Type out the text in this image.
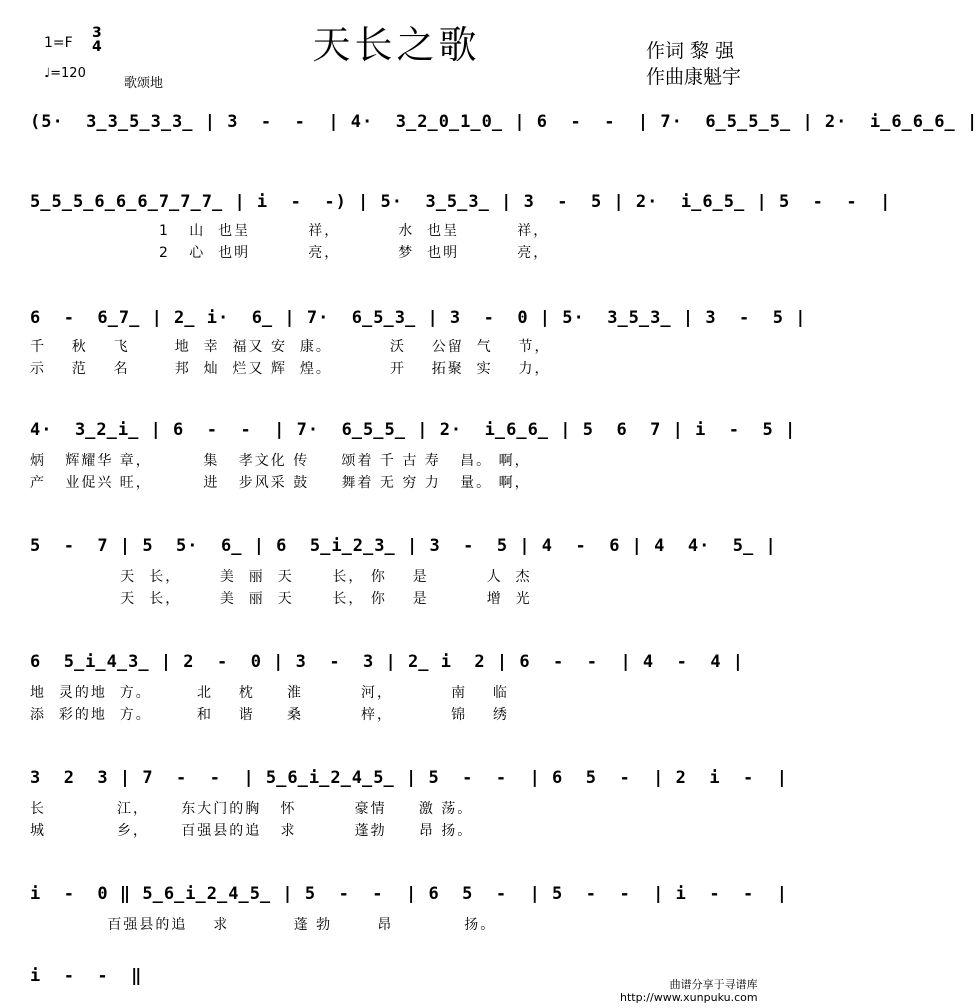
天长之歌
1=F
3
4
♩=120
歌颂地
作词 黎 强
作曲康魁宇
(5·  3̲3̲5̲3̲3̲ | 3  -  -  | 4·  3̲2̲0̲1̲0̲ | 6  -  -  | 7·  6̲5̲5̲5̲ | 2·  i̲6̲6̲6̲ |
5̲5̲5̲6̲6̲6̲7̲7̲7̲ | i  -  -) | 5·  3̲5̲3̲ | 3  -  5 | 2·  i̲6̲5̲ | 5  -  -  |
1   山  也呈         祥，         水  也呈         祥，
2   心  也明         亮，         梦  也明         亮，
6  -  6̲7̲ | 2̲ i·  6̲ | 7·  6̲5̲3̲ | 3  -  0 | 5·  3̲5̲3̲ | 3  -  5 |
千    秋    飞       地  幸  福又 安  康。         沃    公留  气    节，
示    范    名       邦  灿  烂又 辉  煌。         开    拓聚  实    力，
4·  3̲2̲i̲ | 6  -  -  | 7·  6̲5̲5̲ | 2·  i̲6̲6̲ | 5  6  7 | i  -  5 |
炳   辉耀华 章，        集   孝文化 传     颂着 千 古 寿   昌。 啊，
产   业促兴 旺，        进   步风采 鼓     舞着 无 穷 力   量。 啊，
5  -  7 | 5  5·  6̲ | 6  5̲i̲2̲3̲ | 3  -  5 | 4  -  6 | 4  4·  5̲ |
天  长，      美  丽  天      长， 你    是         人  杰
天  长，      美  丽  天      长， 你    是         增  光
6  5̲i̲4̲3̲ | 2  -  0 | 3  -  3 | 2̲ i  2 | 6  -  -  | 4  -  4 |
地  灵的地  方。       北    枕     淮         河，         南    临
添  彩的地  方。       和    谐     桑         梓，         锦    绣
3  2  3 | 7  -  -  | 5̲6̲i̲2̲4̲5̲ | 5  -  -  | 6  5  -  | 2  i  -  |
长           江，     东大门的胸   怀         豪情     激 荡。
城           乡，     百强县的追   求         蓬勃     昂 扬。
i  -  0 ‖ 5̲6̲i̲2̲4̲5̲ | 5  -  -  | 6  5  -  | 5  -  -  | i  -  -  |
百强县的追    求          蓬 勃       昂           扬。
i  -  -  ‖	曲谱分享于寻谱库
http://www.xunpuku.com
